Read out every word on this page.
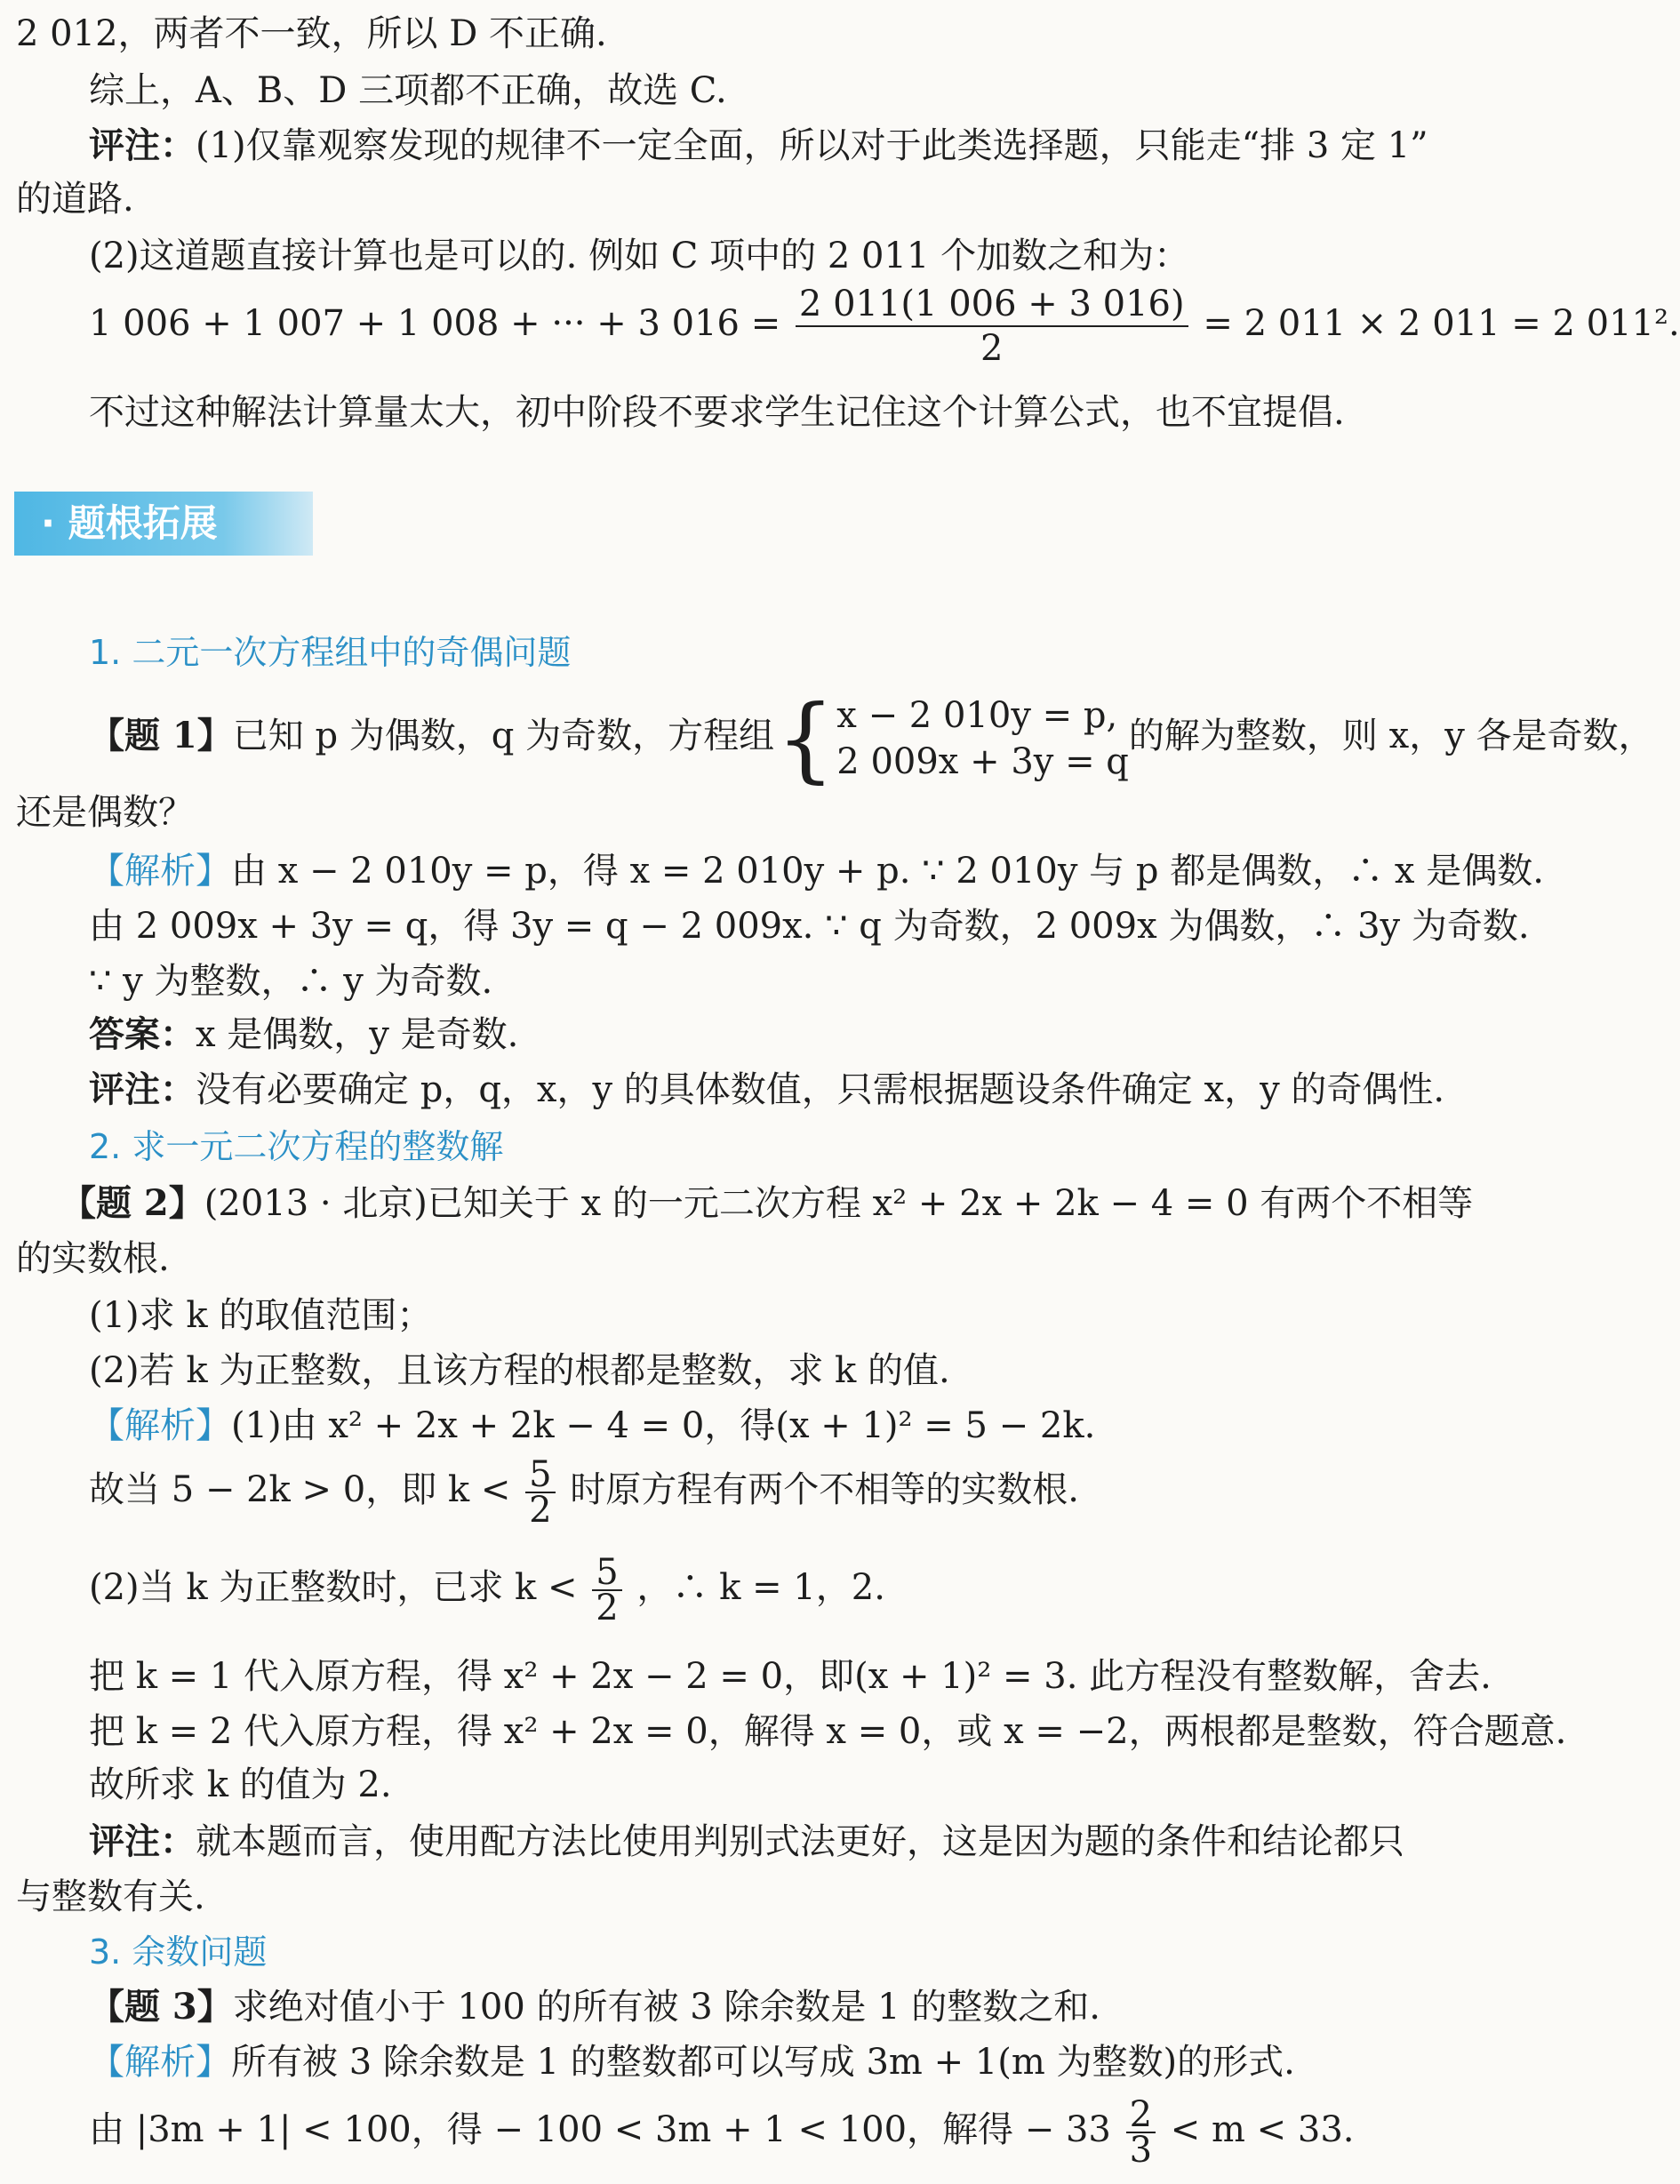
2 012，两者不一致，所以 D 不正确.
综上，A、B、D 三项都不正确，故选 C.
评注：(1)仅靠观察发现的规律不一定全面，所以对于此类选择题，只能走“排 3 定 1”
的道路.
(2)这道题直接计算也是可以的. 例如 C 项中的 2 011 个加数之和为：
1 006 + 1 007 + 1 008 + ··· + 3 $016 = \frac{2 011(1 006 + 3 016)}{2} = 2$ 011 × 2 011 = 2 011².
不过这种解法计算量太大，初中阶段不要求学生记住这个计算公式，也不宜提倡.
· 题根拓展
1. 二元一次方程组中的奇偶问题
【题 1】已知 p 为偶数，q 为奇数，方程组{ x − 2 010y = p,
2 009x + 3y = q
的解为整数，则 x，y 各是奇数，
还是偶数？
【解析】由 x − 2 010y = p，得 x = 2 010y + p. ∵ 2 010y 与 p 都是偶数，∴ x 是偶数.
由 2 009x + 3y = q，得 3y = q − 2 009x. ∵ q 为奇数，2 009x 为偶数，∴ 3y 为奇数.
∵ y 为整数，∴ y 为奇数.
答案：x 是偶数，y 是奇数.
评注：没有必要确定 p，q，x，y 的具体数值，只需根据题设条件确定 x，y 的奇偶性.
2. 求一元二次方程的整数解
【题 2】(2013 · 北京)已知关于 x 的一元二次方程 x² + 2x + 2k − 4 = 0 有两个不相等
的实数根.
(1)求 k 的取值范围；
(2)若 k 为正整数，且该方程的根都是整数，求 k 的值.
【解析】(1)由 x² + 2x + 2k − 4 = 0，得(x + 1)² = 5 − 2k.
故当 5 − 2k > 0，即 $k < \frac{5}{2}$ 时原方程有两个不相等的实数根.
(2)当 k 为正整数时，已求 $k < \frac{5}{2}$ ，∴ k = 1，2.
把 k = 1 代入原方程，得 x² + 2x − 2 = 0，即(x + 1)² = 3. 此方程没有整数解，舍去.
把 k = 2 代入原方程，得 x² + 2x = 0，解得 x = 0，或 x = −2，两根都是整数，符合题意.
故所求 k 的值为 2.
评注：就本题而言，使用配方法比使用判别式法更好，这是因为题的条件和结论都只
与整数有关.
3. 余数问题
【题 3】求绝对值小于 100 的所有被 3 除余数是 1 的整数之和.
【解析】所有被 3 除余数是 1 的整数都可以写成 3m + 1(m 为整数)的形式.
由 |3m + 1| < 100，得 − 100 < 3m + 1 < 100，解得 − $33 \frac{2}{3} < m < 33$.
